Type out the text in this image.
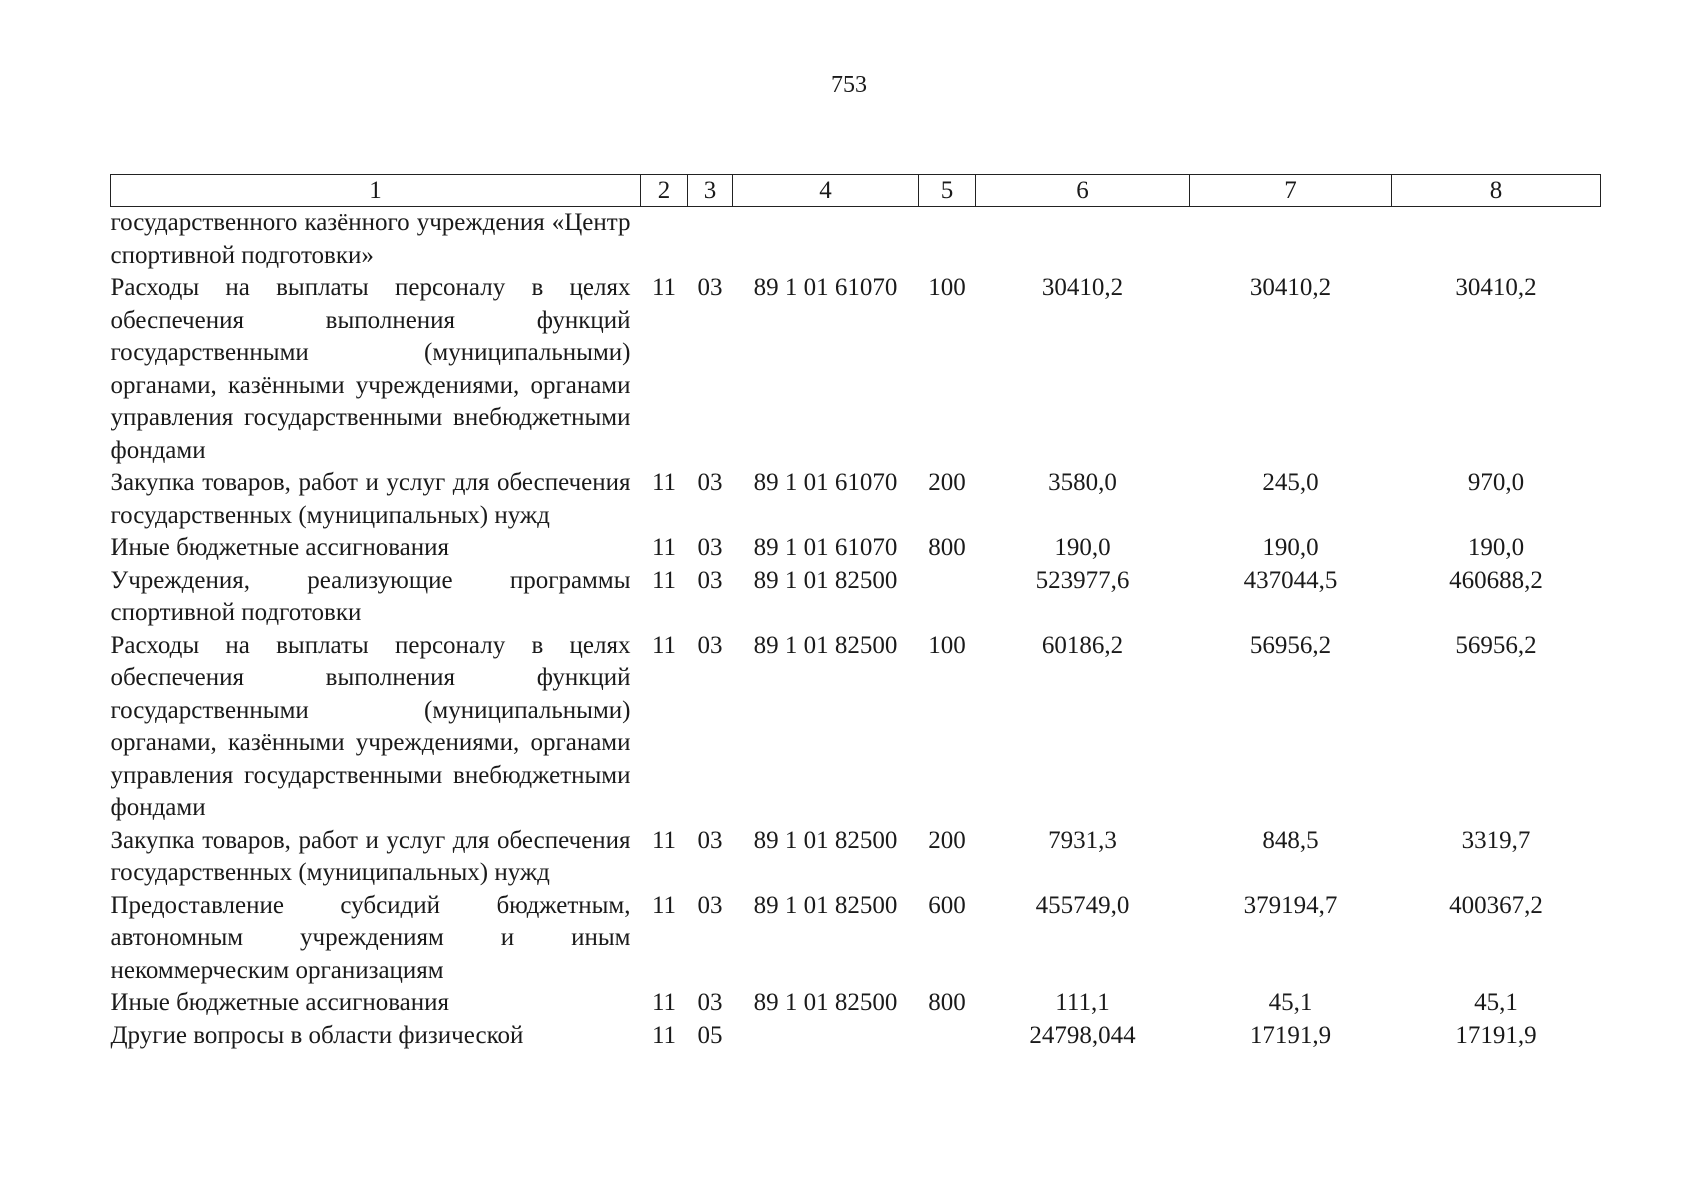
753
1	2	3	4	5	6	7	8
государственного казённого учреждения «Центр спортивной подготовки»							
Расходы на выплаты персоналу в целях обеспечения выполнения функций государственными (муниципальными) органами, казёнными учреждениями, органами управления государственными внебюджетными фондами	11	03	89 1 01 61070	100	30410,2	30410,2	30410,2
Закупка товаров, работ и услуг для обеспечения государственных (муниципальных) нужд	11	03	89 1 01 61070	200	3580,0	245,0	970,0
Иные бюджетные ассигнования	11	03	89 1 01 61070	800	190,0	190,0	190,0
Учреждения, реализующие программы спортивной подготовки	11	03	89 1 01 82500		523977,6	437044,5	460688,2
Расходы на выплаты персоналу в целях обеспечения выполнения функций государственными (муниципальными) органами, казёнными учреждениями, органами управления государственными внебюджетными фондами	11	03	89 1 01 82500	100	60186,2	56956,2	56956,2
Закупка товаров, работ и услуг для обеспечения государственных (муниципальных) нужд	11	03	89 1 01 82500	200	7931,3	848,5	3319,7
Предоставление субсидий бюджетным, автономным учреждениям и иным некоммерческим организациям	11	03	89 1 01 82500	600	455749,0	379194,7	400367,2
Иные бюджетные ассигнования	11	03	89 1 01 82500	800	111,1	45,1	45,1
Другие вопросы в области физической	11	05			24798,044	17191,9	17191,9
